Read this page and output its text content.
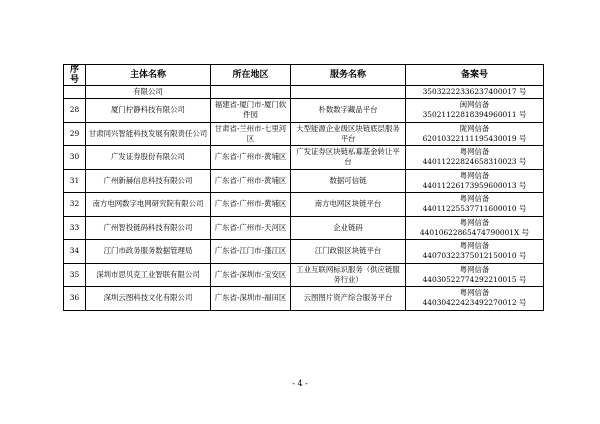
序号	主体名称	所在地区	服务名称	备案号
	有限公司			35032222336237400017 号

28	厦门柠静科技有限公司	福建省-厦门市-厦门软件园	朴数数字藏品平台	闽网信备
35021122818394960011 号

29	甘肃同兴智能科技发展有限责任公司	甘肃省-兰州市-七里河区	大型能源企业级区块链底层服务平台	陇网信备
62010322111195430019 号

30	广发证券股份有限公司	广东省-广州市-黄埔区	广发证券区块链私募基金转让平台	粤网信备
44011222824658310023 号

31	广州新赫信息科技有限公司	广东省-广州市-黄埔区	数据可信链	粤网信备
44011226173959600013 号

32	南方电网数字电网研究院有限公司	广东省-广州市-黄埔区	南方电网区块链平台	粤网信备
44011225537711600010 号

33	广州智投链码科技有限公司	广东省-广州市-天河区	企业链码	粤网信备
44010622865474790001X 号

34	江门市政务服务数据管理局	广东省-江门市-蓬江区	江门政银区块链平台	粤网信备
44070322375012150010 号

35	深圳市思贝克工业智联有限公司	广东省-深圳市-宝安区	工业互联网标识服务（供应链服务行业）	粤网信备
44030522774292210015 号

36	深圳云图科技文化有限公司	广东省-深圳市-福田区	云图图片资产综合服务平台	粤网信备
44030422423492270012 号
- 4 -
